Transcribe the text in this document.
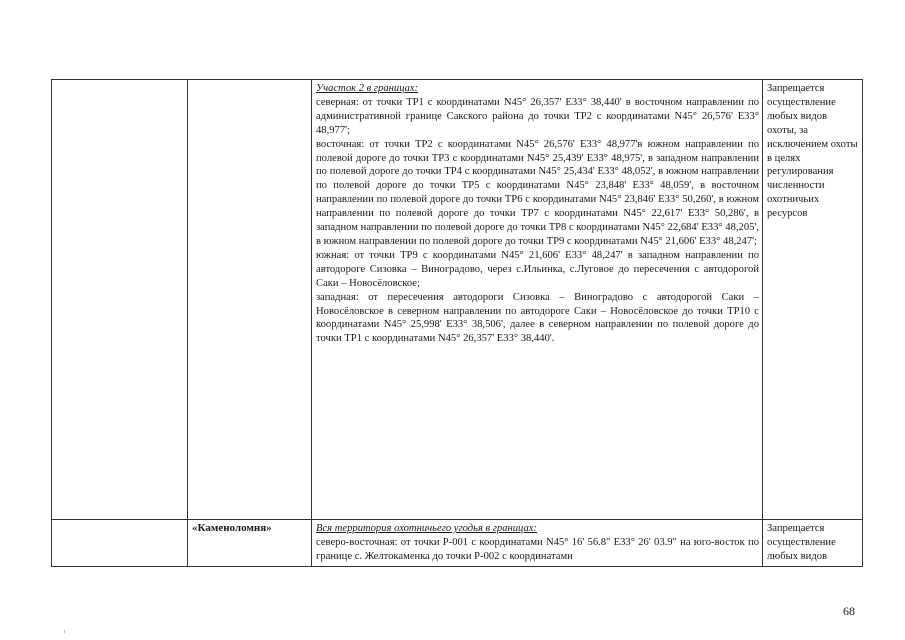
		Участок 2 в границах:
северная: от точки ТР1 с координатами N45° 26,357' E33° 38,440' в восточном направлении по административной границе Сакского района до точки ТР2 с координатами N45° 26,576' E33° 48,977';
восточная: от точки ТР2 с координатами N45° 26,576' E33° 48,977'в южном направлении по полевой дороге до точки ТР3 с координатами N45° 25,439' E33° 48,975', в западном направлении по полевой дороге до точки ТР4 с координатами N45° 25,434' E33° 48,052', в южном направлении по полевой дороге до точки ТР5 с координатами N45° 23,848' E33° 48,059', в восточном направлении по полевой дороге до точки ТР6 с координатами N45° 23,846' E33° 50,260', в южном направлении по полевой дороге до точки ТР7 с координатами N45° 22,617' E33° 50,286', в западном направлении по полевой дороге до точки ТР8 с координатами N45° 22,684' E33° 48,205', в южном направлении по полевой дороге до точки ТР9 с координатами N45° 21,606' E33° 48,247';
южная: от точки ТР9 с координатами N45° 21,606' E33° 48,247' в западном направлении по автодороге Сизовка – Виноградово, через с.Ильинка, с.Луговое до пересечения с автодорогой Саки – Новосёловское;
западная: от пересечения автодороги Сизовка – Виноградово с автодорогой Саки – Новосёловское в северном направлении по автодороге Саки – Новосёловское до точки ТР10 с координатами N45° 25,998' E33° 38,506', далее в северном направлении по полевой дороге до точки ТР1 с координатами N45° 26,357' E33° 38,440'.	Запрещается осуществление любых видов охоты, за исключением охоты в целях регулирования численности охотничьих ресурсов
	«Каменоломня»	Вся территория охотничьего угодья в границах:
северо-восточная: от точки Р-001 с координатами N45° 16' 56.8" E33° 26' 03.9" на юго-восток по границе с. Желтокаменка до точки Р-002 с координатами	Запрещается осуществление любых видов
68
